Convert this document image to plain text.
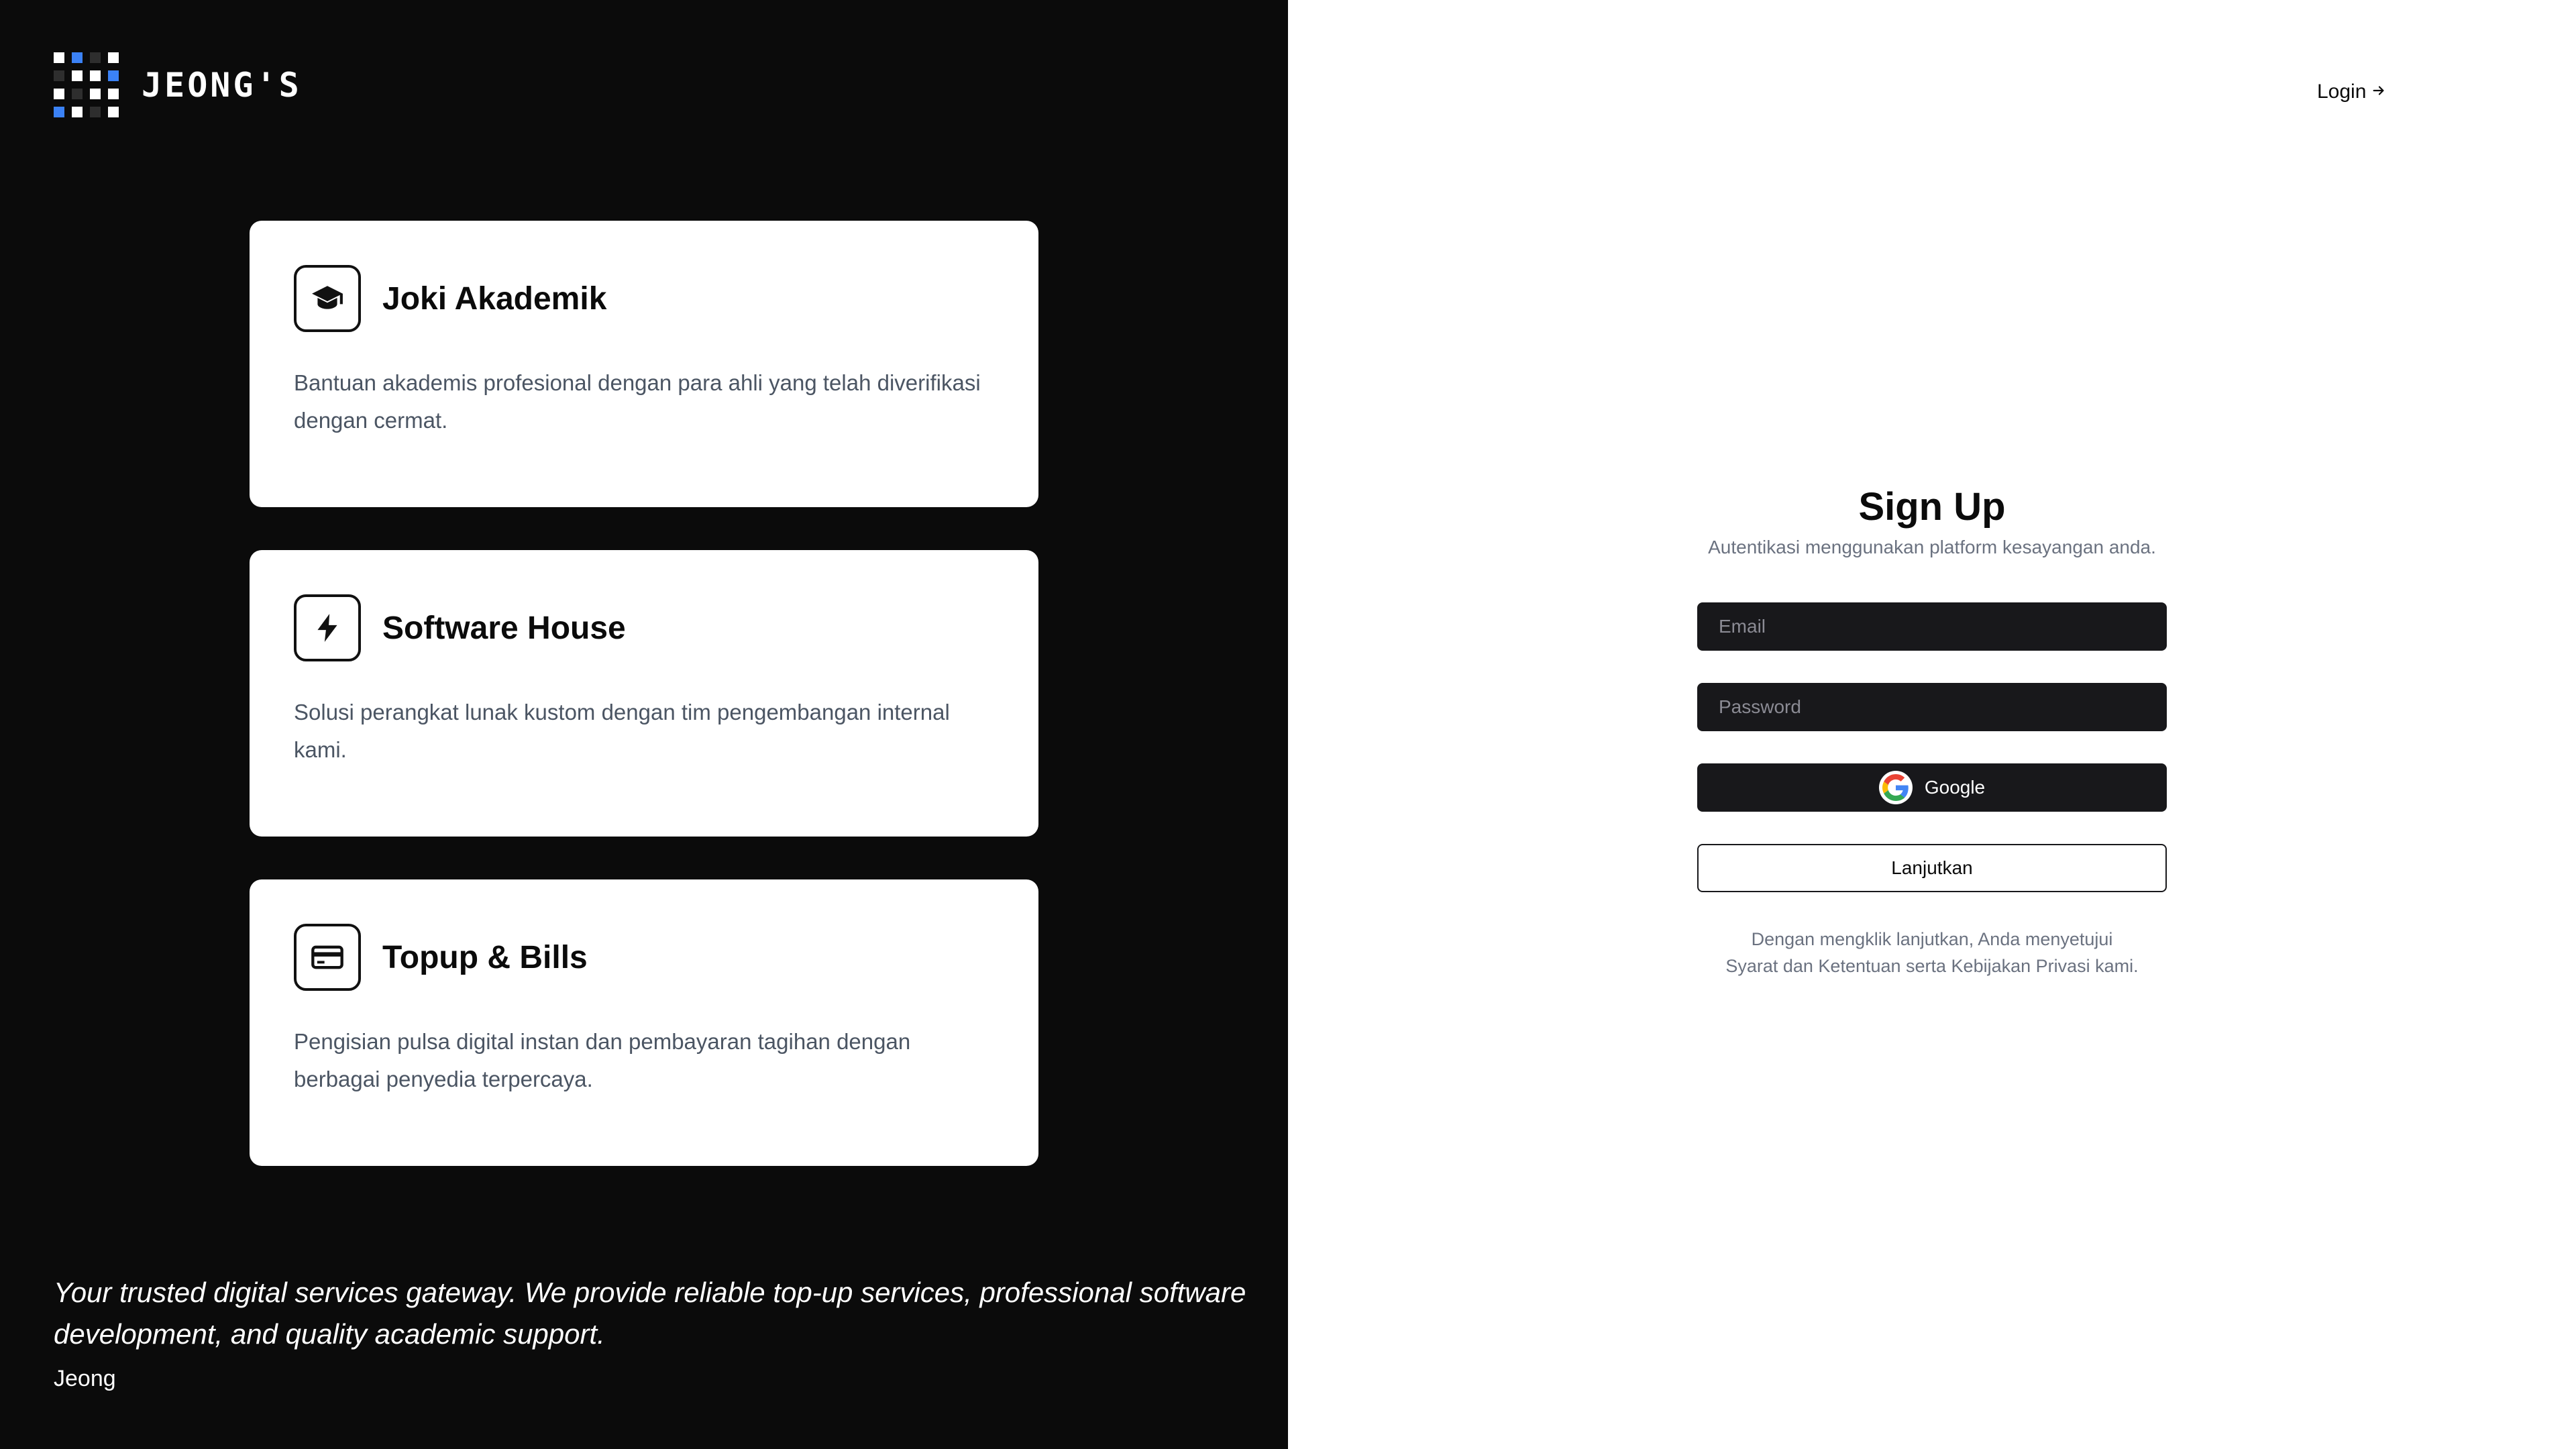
JEONG'S
Joki Akademik
Bantuan akademis profesional dengan para ahli yang telah diverifikasi dengan cermat.
Software House
Solusi perangkat lunak kustom dengan tim pengembangan internal kami.
Topup & Bills
Pengisian pulsa digital instan dan pembayaran tagihan dengan berbagai penyedia terpercaya.

Your trusted digital services gateway. We provide reliable top-up services, professional software development, and quality academic support.

Jeong
Login
Sign Up
Autentikasi menggunakan platform kesayangan anda.
Email
Google
Lanjutkan
Dengan mengklik lanjutkan, Anda menyetujui Syarat dan Ketentuan serta Kebijakan Privasi kami.
